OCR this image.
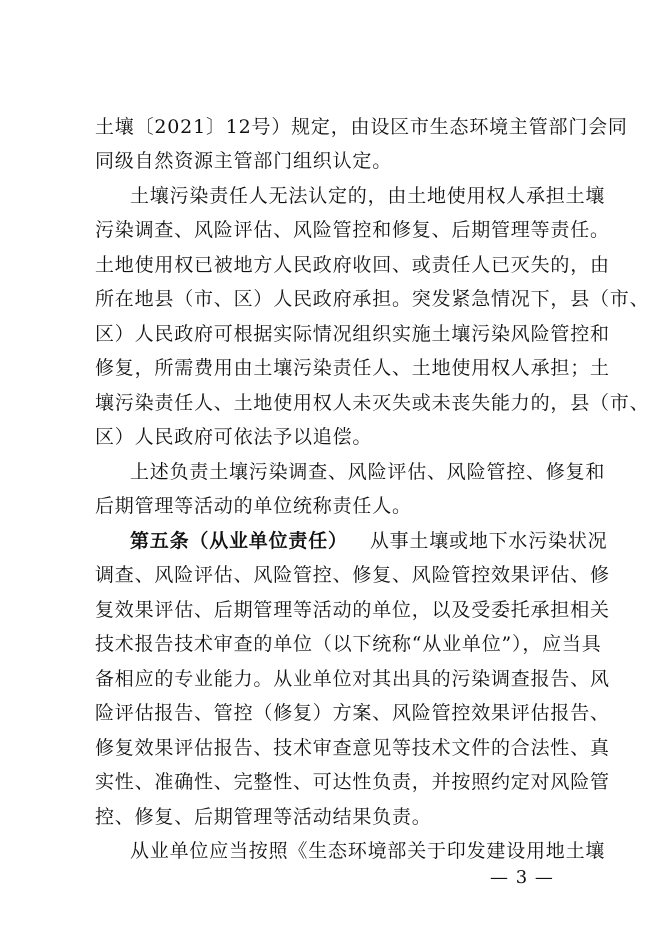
土壤〔2021〕12号）规定，由设区市生态环境主管部门会同
同级自然资源主管部门组织认定。
土壤污染责任人无法认定的，由土地使用权人承担土壤
污染调查、风险评估、风险管控和修复、后期管理等责任。
土地使用权已被地方人民政府收回、或责任人已灭失的，由
所在地县（市、区）人民政府承担。突发紧急情况下，县（市、
区）人民政府可根据实际情况组织实施土壤污染风险管控和
修复，所需费用由土壤污染责任人、土地使用权人承担；土
壤污染责任人、土地使用权人未灭失或未丧失能力的，县（市、
区）人民政府可依法予以追偿。
上述负责土壤污染调查、风险评估、风险管控、修复和
后期管理等活动的单位统称责任人。
第五条（从业单位责任） 从事土壤或地下水污染状况
调查、风险评估、风险管控、修复、风险管控效果评估、修
复效果评估、后期管理等活动的单位，以及受委托承担相关
技术报告技术审查的单位（以下统称“从业单位”），应当具
备相应的专业能力。从业单位对其出具的污染调查报告、风
险评估报告、管控（修复）方案、风险管控效果评估报告、
修复效果评估报告、技术审查意见等技术文件的合法性、真
实性、准确性、完整性、可达性负责，并按照约定对风险管
控、修复、后期管理等活动结果负责。
从业单位应当按照《生态环境部关于印发建设用地土壤
— 3 —
